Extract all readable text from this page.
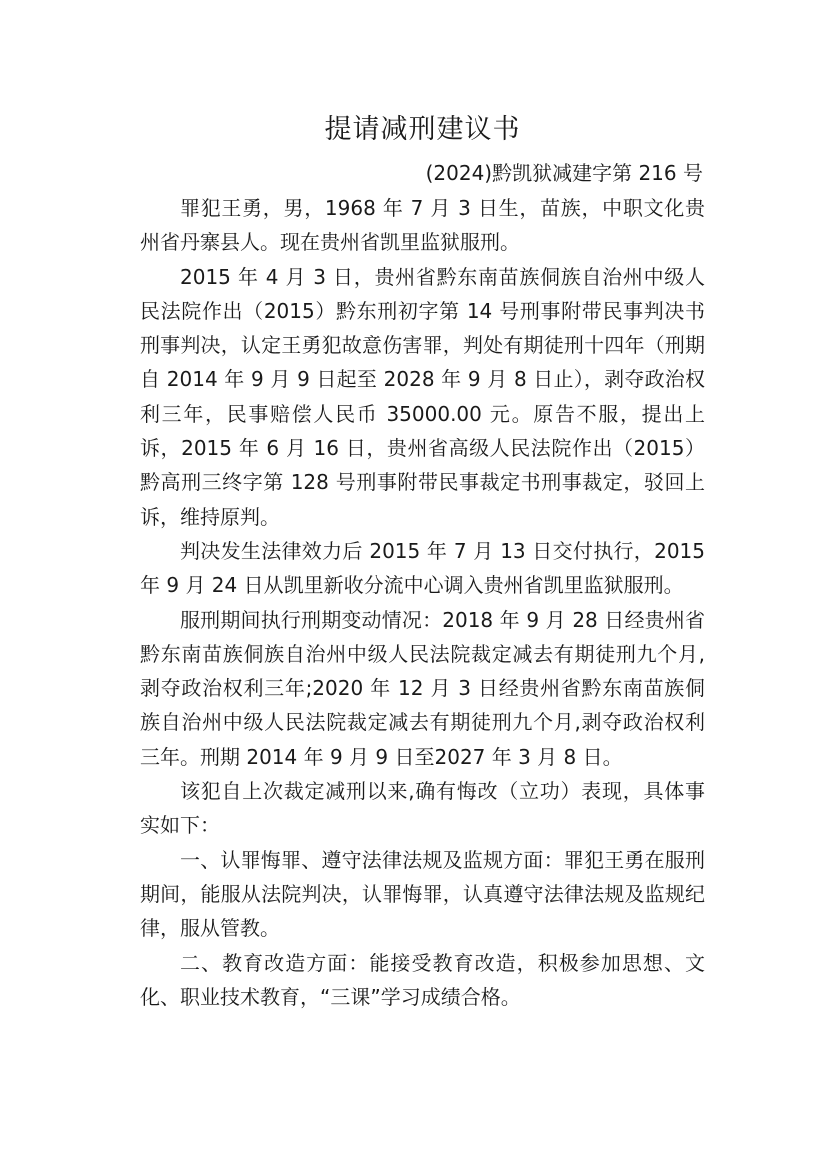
提请减刑建议书
(2024)黔凯狱减建字第 216 号

罪犯王勇，男，1968 年 7 月 3 日生，苗族，中职文化贵州省丹寨县人。现在贵州省凯里监狱服刑。

2015 年 4 月 3 日，贵州省黔东南苗族侗族自治州中级人民法院作出（2015）黔东刑初字第 14 号刑事附带民事判决书刑事判决，认定王勇犯故意伤害罪，判处有期徒刑十四年（刑期自 2014 年 9 月 9 日起至 2028 年 9 月 8 日止），剥夺政治权利三年，民事赔偿人民币 35000.00 元。原告不服，提出上诉，2015 年 6 月 16 日，贵州省高级人民法院作出（2015）黔高刑三终字第 128 号刑事附带民事裁定书刑事裁定，驳回上诉，维持原判。

判决发生法律效力后 2015 年 7 月 13 日交付执行，2015 年 9 月 24 日从凯里新收分流中心调入贵州省凯里监狱服刑。

服刑期间执行刑期变动情况：2018 年 9 月 28 日经贵州省黔东南苗族侗族自治州中级人民法院裁定减去有期徒刑九个月,剥夺政治权利三年;2020 年 12 月 3 日经贵州省黔东南苗族侗族自治州中级人民法院裁定减去有期徒刑九个月,剥夺政治权利三年。刑期 2014 年 9 月 9 日至2027 年 3 月 8 日。

该犯自上次裁定减刑以来,确有悔改（立功）表现，具体事实如下：

一、认罪悔罪、遵守法律法规及监规方面：罪犯王勇在服刑期间，能服从法院判决，认罪悔罪，认真遵守法律法规及监规纪律，服从管教。

二、教育改造方面：能接受教育改造，积极参加思想、文化、职业技术教育，“三课”学习成绩合格。
